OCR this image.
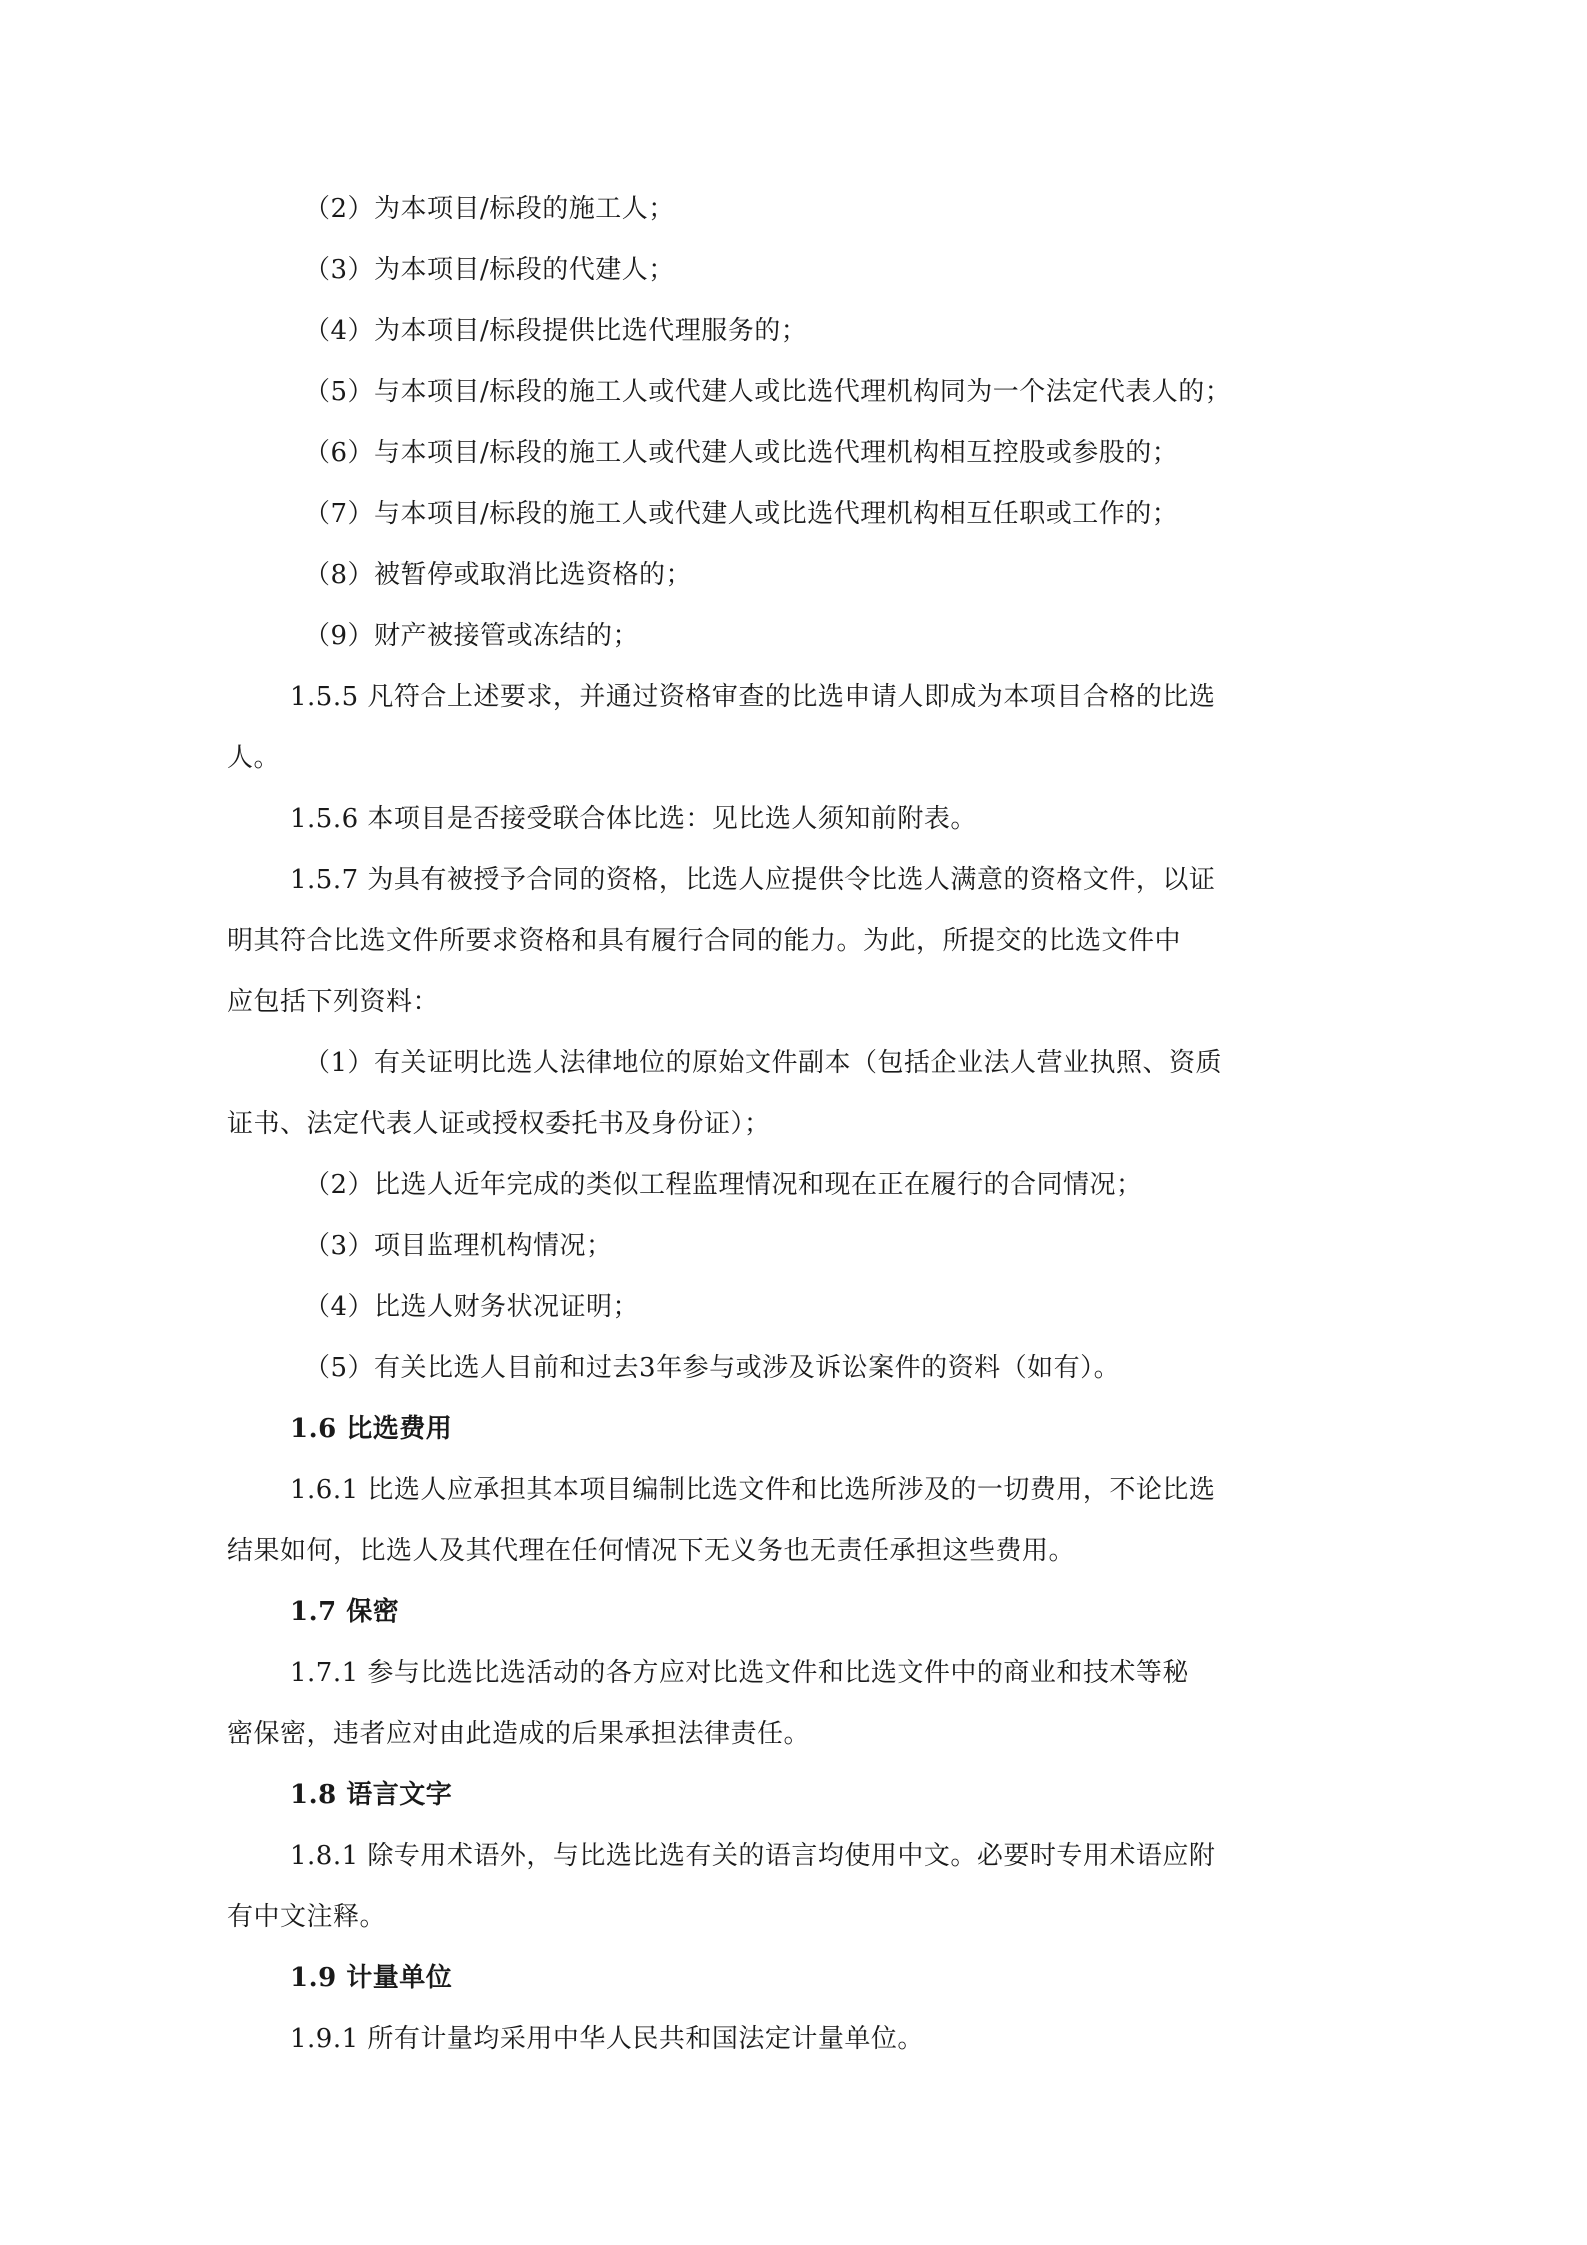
（2）为本项目/标段的施工人；
（3）为本项目/标段的代建人；
（4）为本项目/标段提供比选代理服务的；
（5）与本项目/标段的施工人或代建人或比选代理机构同为一个法定代表人的；
（6）与本项目/标段的施工人或代建人或比选代理机构相互控股或参股的；
（7）与本项目/标段的施工人或代建人或比选代理机构相互任职或工作的；
（8）被暂停或取消比选资格的；
（9）财产被接管或冻结的；
1.5.5 凡符合上述要求，并通过资格审查的比选申请人即成为本项目合格的比选
人。
1.5.6 本项目是否接受联合体比选：见比选人须知前附表。
1.5.7 为具有被授予合同的资格，比选人应提供令比选人满意的资格文件，以证
明其符合比选文件所要求资格和具有履行合同的能力。为此，所提交的比选文件中
应包括下列资料：
（1）有关证明比选人法律地位的原始文件副本（包括企业法人营业执照、资质
证书、法定代表人证或授权委托书及身份证）；
（2）比选人近年完成的类似工程监理情况和现在正在履行的合同情况；
（3）项目监理机构情况；
（4）比选人财务状况证明；
（5）有关比选人目前和过去3年参与或涉及诉讼案件的资料（如有）。
1.6 比选费用
1.6.1 比选人应承担其本项目编制比选文件和比选所涉及的一切费用，不论比选
结果如何，比选人及其代理在任何情况下无义务也无责任承担这些费用。
1.7 保密
1.7.1 参与比选比选活动的各方应对比选文件和比选文件中的商业和技术等秘
密保密，违者应对由此造成的后果承担法律责任。
1.8 语言文字
1.8.1 除专用术语外，与比选比选有关的语言均使用中文。必要时专用术语应附
有中文注释。
1.9 计量单位
1.9.1 所有计量均采用中华人民共和国法定计量单位。
